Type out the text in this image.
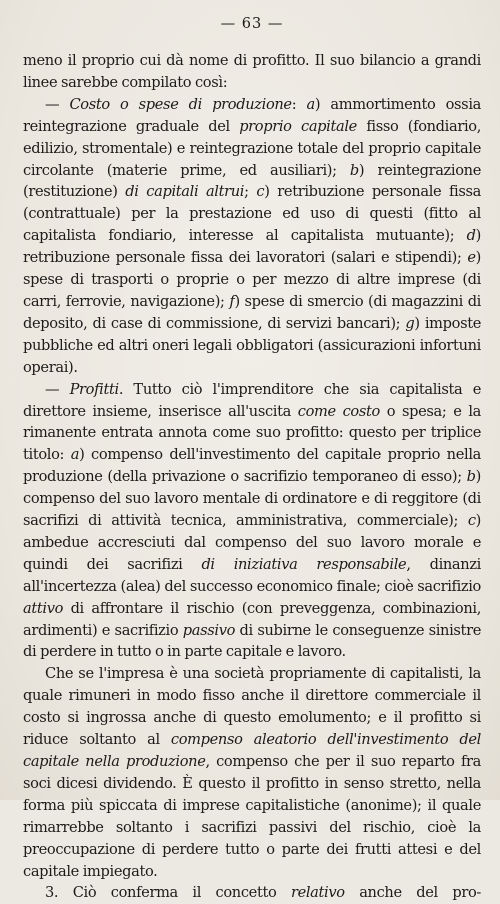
— 63 —

meno il proprio cui dà nome di profitto. Il suo bilancio a grandi linee sarebbe compilato così:

— Costo o spese di produzione: a) ammortimento ossia reintegrazione graduale del proprio capitale fisso (fondiario, edilizio, stromentale) e reintegrazione totale del proprio capitale circolante (materie prime, ed ausiliari); b) reintegrazione (restituzione) di capitali altrui; c) retribuzione personale fissa (contrattuale) per la prestazione ed uso di questi (fitto al capitalista fondiario, interesse al capitalista mutuante); d) retribuzione personale fissa dei lavoratori (salari e stipendi); e) spese di trasporti o proprie o per mezzo di altre imprese (di carri, ferrovie, navigazione); f) spese di smercio (di magazzini di deposito, di case di commissione, di servizi bancari); g) imposte pubbliche ed altri oneri legali obbligatori (assicurazioni infortuni operai).

— Profitti. Tutto ciò l'imprenditore che sia capitalista e direttore insieme, inserisce all'uscita come costo o spesa; e la rimanente entrata annota come suo profitto: questo per triplice titolo: a) compenso dell'investimento del capitale proprio nella produzione (della privazione o sacrifizio temporaneo di esso); b) compenso del suo lavoro mentale di ordinatore e di reggitore (di sacrifizi di attività tecnica, amministrativa, commerciale); c) ambedue accresciuti dal compenso del suo lavoro morale e quindi dei sacrifizi di iniziativa responsabile, dinanzi all'incertezza (alea) del successo economico finale; cioè sacrifizio attivo di affrontare il rischio (con preveggenza, combinazioni, ardimenti) e sacrifizio passivo di subirne le conseguenze sinistre di perdere in tutto o in parte capitale e lavoro.

Che se l'impresa è una società propriamente di capitalisti, la quale rimuneri in modo fisso anche il direttore commerciale il costo si ingrossa anche di questo emolumento; e il profitto si riduce soltanto al compenso aleatorio dell'investimento del capitale nella produzione, compenso che per il suo reparto fra soci dicesi dividendo. È questo il profitto in senso stretto, nella forma più spiccata di imprese capitalistiche (anonime); il quale rimarrebbe soltanto i sacrifizi passivi del rischio, cioè la preoccupazione di perdere tutto o parte dei frutti attesi e del capitale impiegato.

3. Ciò conferma il concetto relativo anche del pro-
